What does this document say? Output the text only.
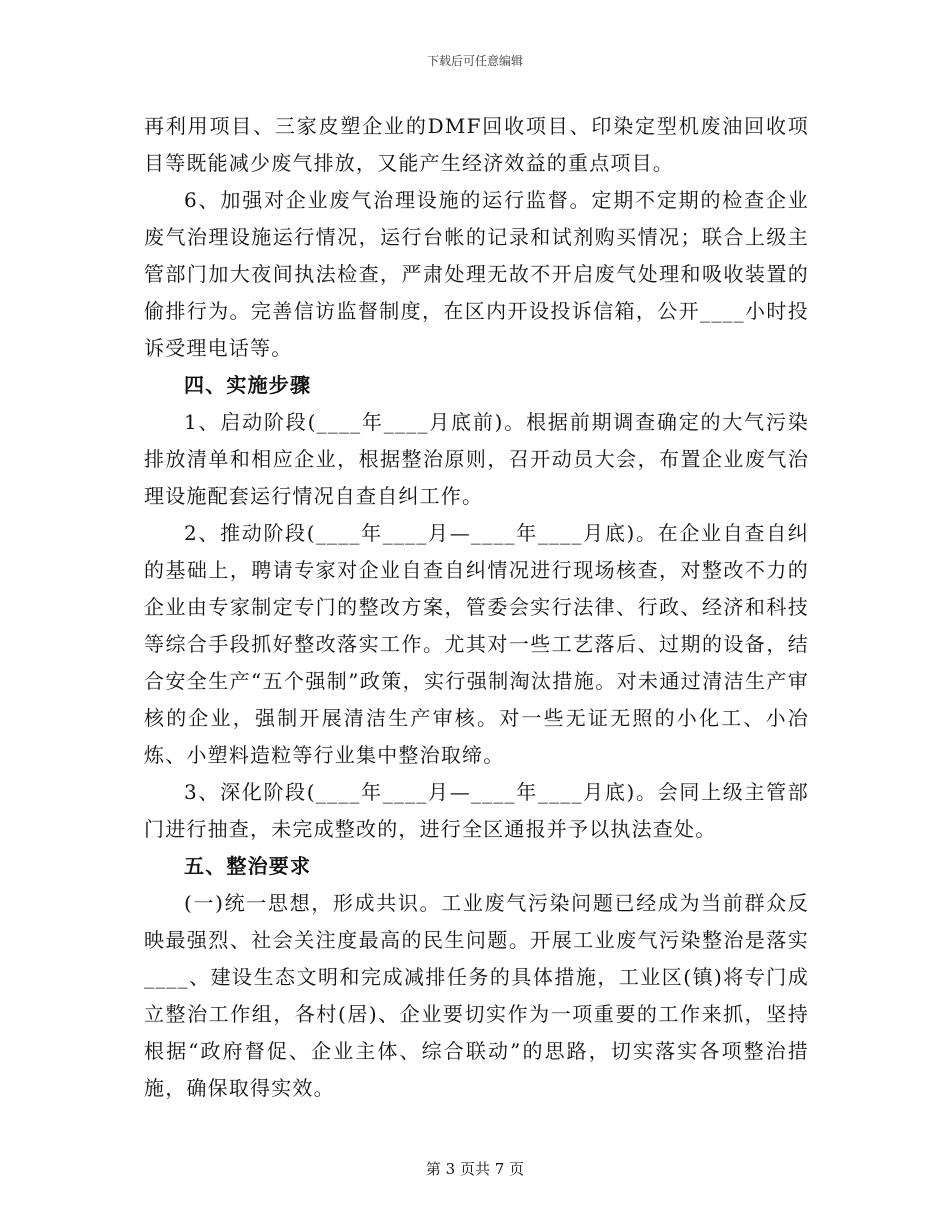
下载后可任意编辑

再利用项目、三家皮塑企业的DMF回收项目、印染定型机废油回收项目等既能减少废气排放，又能产生经济效益的重点项目。

6、加强对企业废气治理设施的运行监督。定期不定期的检查企业废气治理设施运行情况，运行台帐的记录和试剂购买情况；联合上级主管部门加大夜间执法检查，严肃处理无故不开启废气处理和吸收装置的偷排行为。完善信访监督制度，在区内开设投诉信箱，公开____小时投诉受理电话等。

四、实施步骤

1、启动阶段(____年____月底前)。根据前期调查确定的大气污染排放清单和相应企业，根据整治原则，召开动员大会，布置企业废气治理设施配套运行情况自查自纠工作。

2、推动阶段(____年____月—____年____月底)。在企业自查自纠的基础上，聘请专家对企业自查自纠情况进行现场核查，对整改不力的企业由专家制定专门的整改方案，管委会实行法律、行政、经济和科技等综合手段抓好整改落实工作。尤其对一些工艺落后、过期的设备，结合安全生产“五个强制”政策，实行强制淘汰措施。对未通过清洁生产审核的企业，强制开展清洁生产审核。对一些无证无照的小化工、小冶炼、小塑料造粒等行业集中整治取缔。

3、深化阶段(____年____月—____年____月底)。会同上级主管部门进行抽查，未完成整改的，进行全区通报并予以执法查处。

五、整治要求

(一)统一思想，形成共识。工业废气污染问题已经成为当前群众反映最强烈、社会关注度最高的民生问题。开展工业废气污染整治是落实____、建设生态文明和完成减排任务的具体措施，工业区(镇)将专门成立整治工作组，各村(居)、企业要切实作为一项重要的工作来抓，坚持根据“政府督促、企业主体、综合联动”的思路，切实落实各项整治措施，确保取得实效。

第 3 页共 7 页
